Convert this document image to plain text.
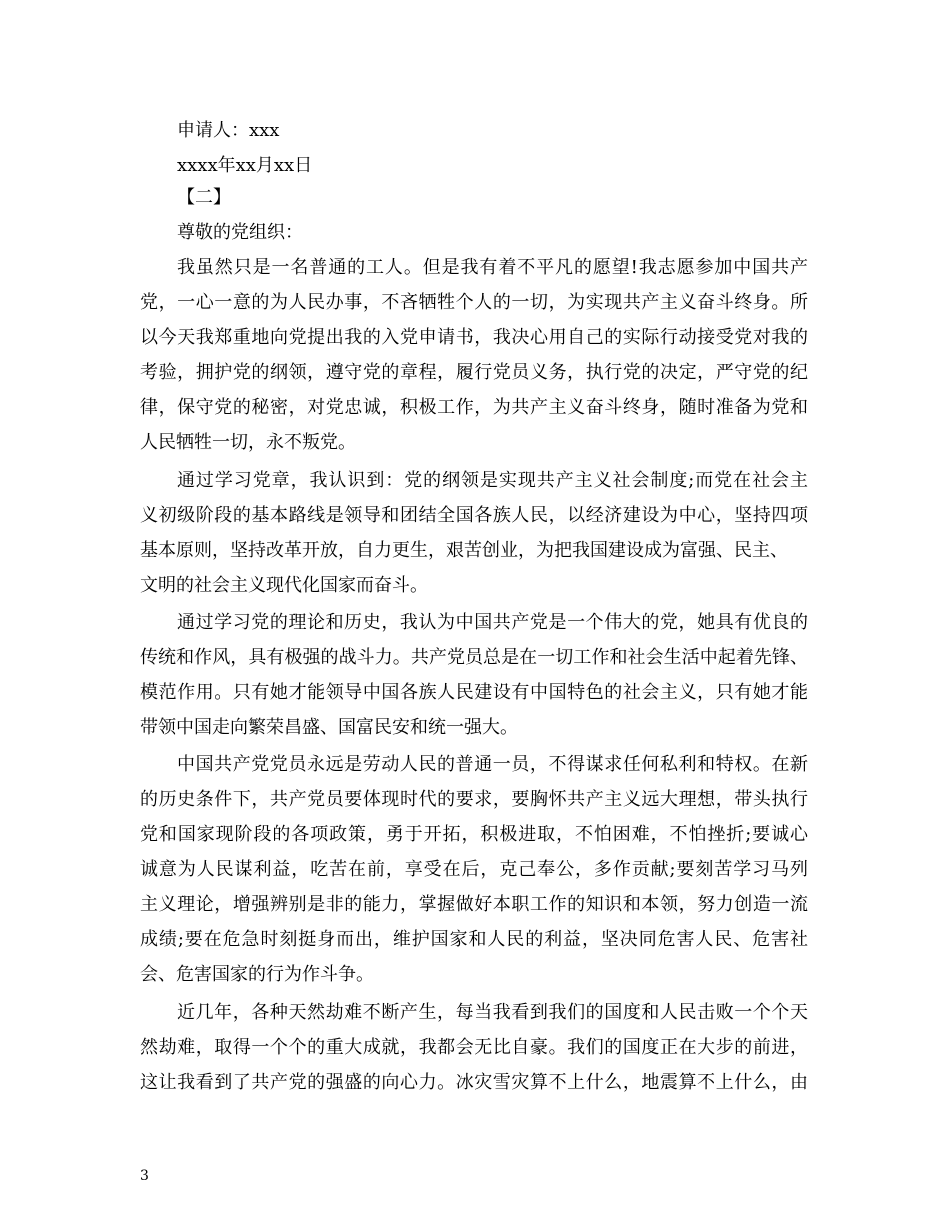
申请人：xxx
xxxx年xx月xx日
【二】
尊敬的党组织：
我虽然只是一名普通的工人。但是我有着不平凡的愿望!我志愿参加中国共产
党，一心一意的为人民办事，不吝牺牲个人的一切，为实现共产主义奋斗终身。所
以今天我郑重地向党提出我的入党申请书，我决心用自己的实际行动接受党对我的
考验，拥护党的纲领，遵守党的章程，履行党员义务，执行党的决定，严守党的纪
律，保守党的秘密，对党忠诚，积极工作，为共产主义奋斗终身，随时准备为党和
人民牺牲一切，永不叛党。
通过学习党章，我认识到：党的纲领是实现共产主义社会制度;而党在社会主
义初级阶段的基本路线是领导和团结全国各族人民，以经济建设为中心，坚持四项
基本原则，坚持改革开放，自力更生，艰苦创业，为把我国建设成为富强、民主、
文明的社会主义现代化国家而奋斗。
通过学习党的理论和历史，我认为中国共产党是一个伟大的党，她具有优良的
传统和作风，具有极强的战斗力。共产党员总是在一切工作和社会生活中起着先锋、
模范作用。只有她才能领导中国各族人民建设有中国特色的社会主义，只有她才能
带领中国走向繁荣昌盛、国富民安和统一强大。
中国共产党党员永远是劳动人民的普通一员，不得谋求任何私利和特权。在新
的历史条件下，共产党员要体现时代的要求，要胸怀共产主义远大理想，带头执行
党和国家现阶段的各项政策，勇于开拓，积极进取，不怕困难，不怕挫折;要诚心
诚意为人民谋利益，吃苦在前，享受在后，克己奉公，多作贡献;要刻苦学习马列
主义理论，增强辨别是非的能力，掌握做好本职工作的知识和本领，努力创造一流
成绩;要在危急时刻挺身而出，维护国家和人民的利益，坚决同危害人民、危害社
会、危害国家的行为作斗争。
近几年，各种天然劫难不断产生，每当我看到我们的国度和人民击败一个个天
然劫难，取得一个个的重大成就，我都会无比自豪。我们的国度正在大步的前进，
这让我看到了共产党的强盛的向心力。冰灾雪灾算不上什么，地震算不上什么，由
3
